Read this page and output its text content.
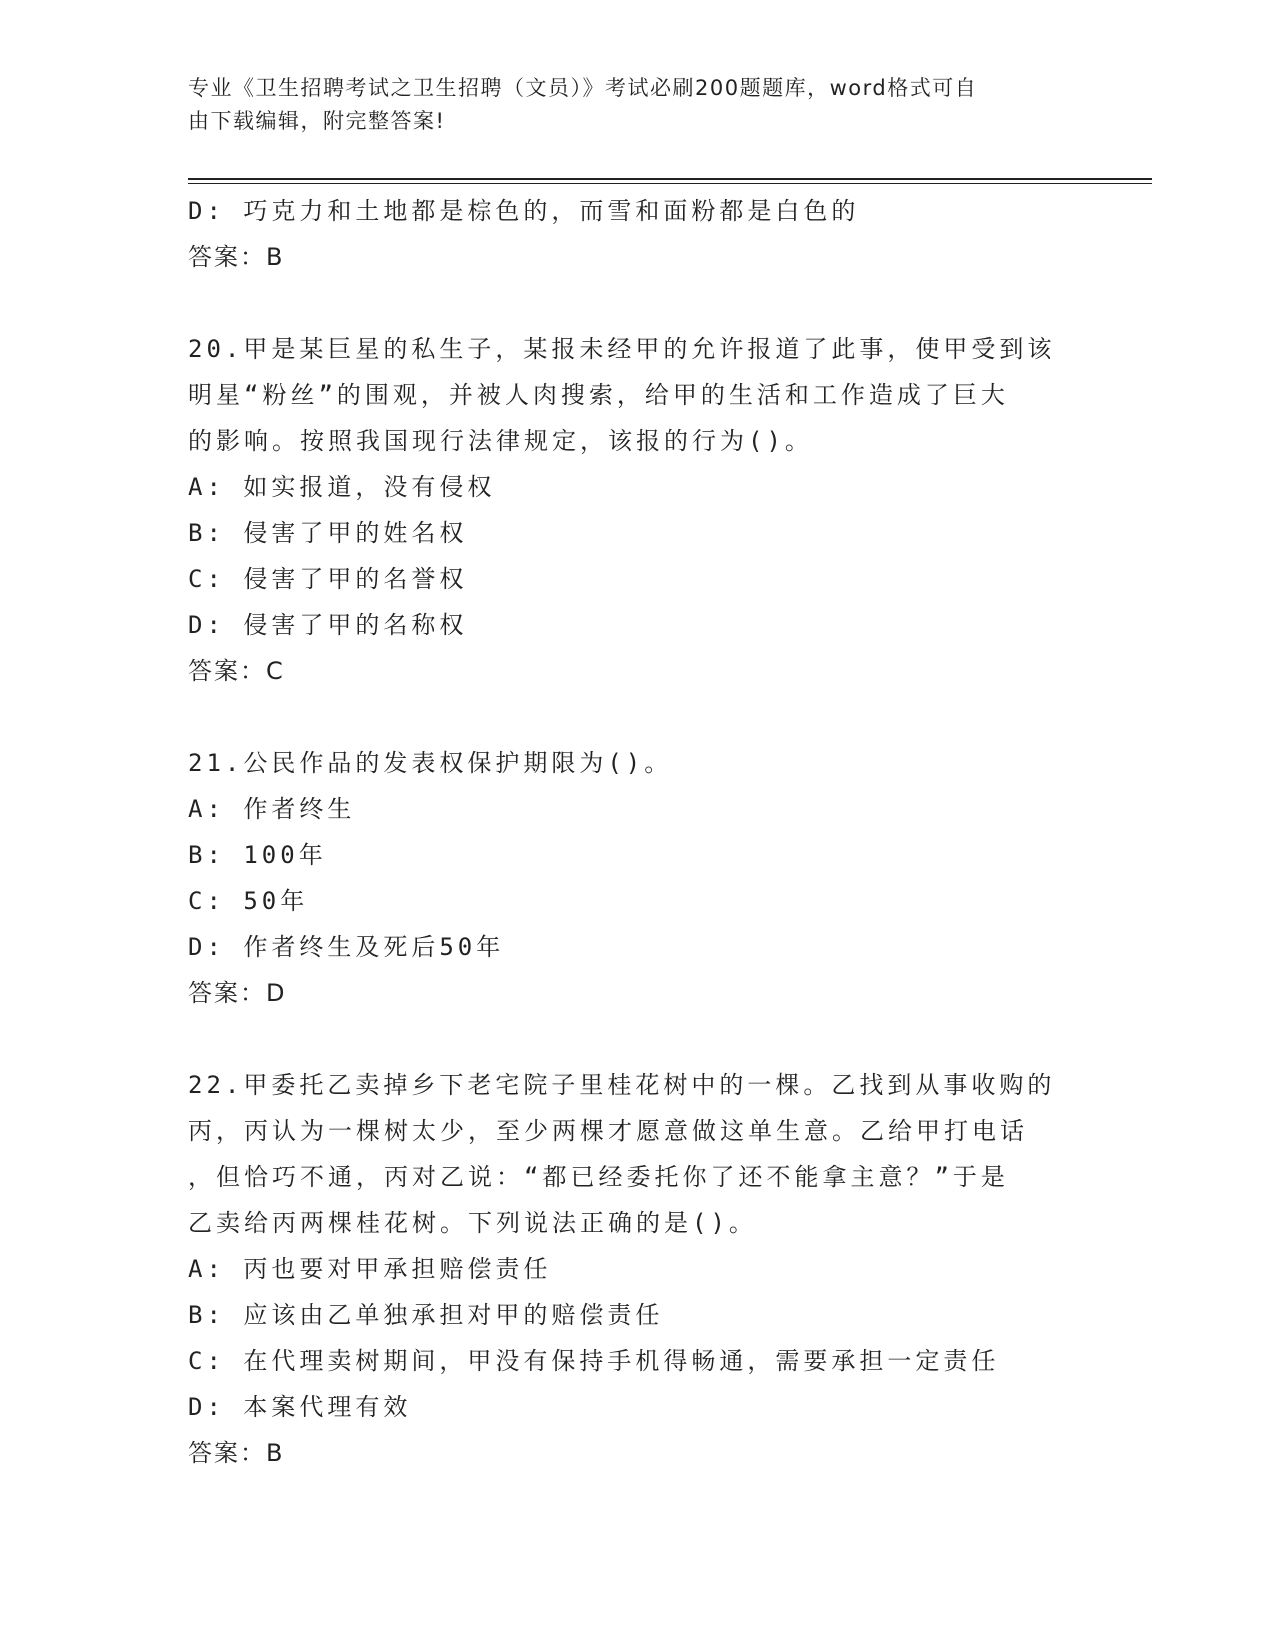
专业《卫生招聘考试之卫生招聘（文员）》考试必刷200题题库，word格式可自
由下载编辑，附完整答案!
D: 巧克力和土地都是棕色的，而雪和面粉都是白色的
答案：B
20.甲是某巨星的私生子，某报未经甲的允许报道了此事，使甲受到该
明星“粉丝”的围观，并被人肉搜索，给甲的生活和工作造成了巨大
的影响。按照我国现行法律规定，该报的行为()。
A: 如实报道，没有侵权
B: 侵害了甲的姓名权
C: 侵害了甲的名誉权
D: 侵害了甲的名称权
答案：C
21.公民作品的发表权保护期限为()。
A: 作者终生
B: 100年
C: 50年
D: 作者终生及死后50年
答案：D
22.甲委托乙卖掉乡下老宅院子里桂花树中的一棵。乙找到从事收购的
丙，丙认为一棵树太少，至少两棵才愿意做这单生意。乙给甲打电话
，但恰巧不通，丙对乙说：“都已经委托你了还不能拿主意？”于是
乙卖给丙两棵桂花树。下列说法正确的是()。
A: 丙也要对甲承担赔偿责任
B: 应该由乙单独承担对甲的赔偿责任
C: 在代理卖树期间，甲没有保持手机得畅通，需要承担一定责任
D: 本案代理有效
答案：B
